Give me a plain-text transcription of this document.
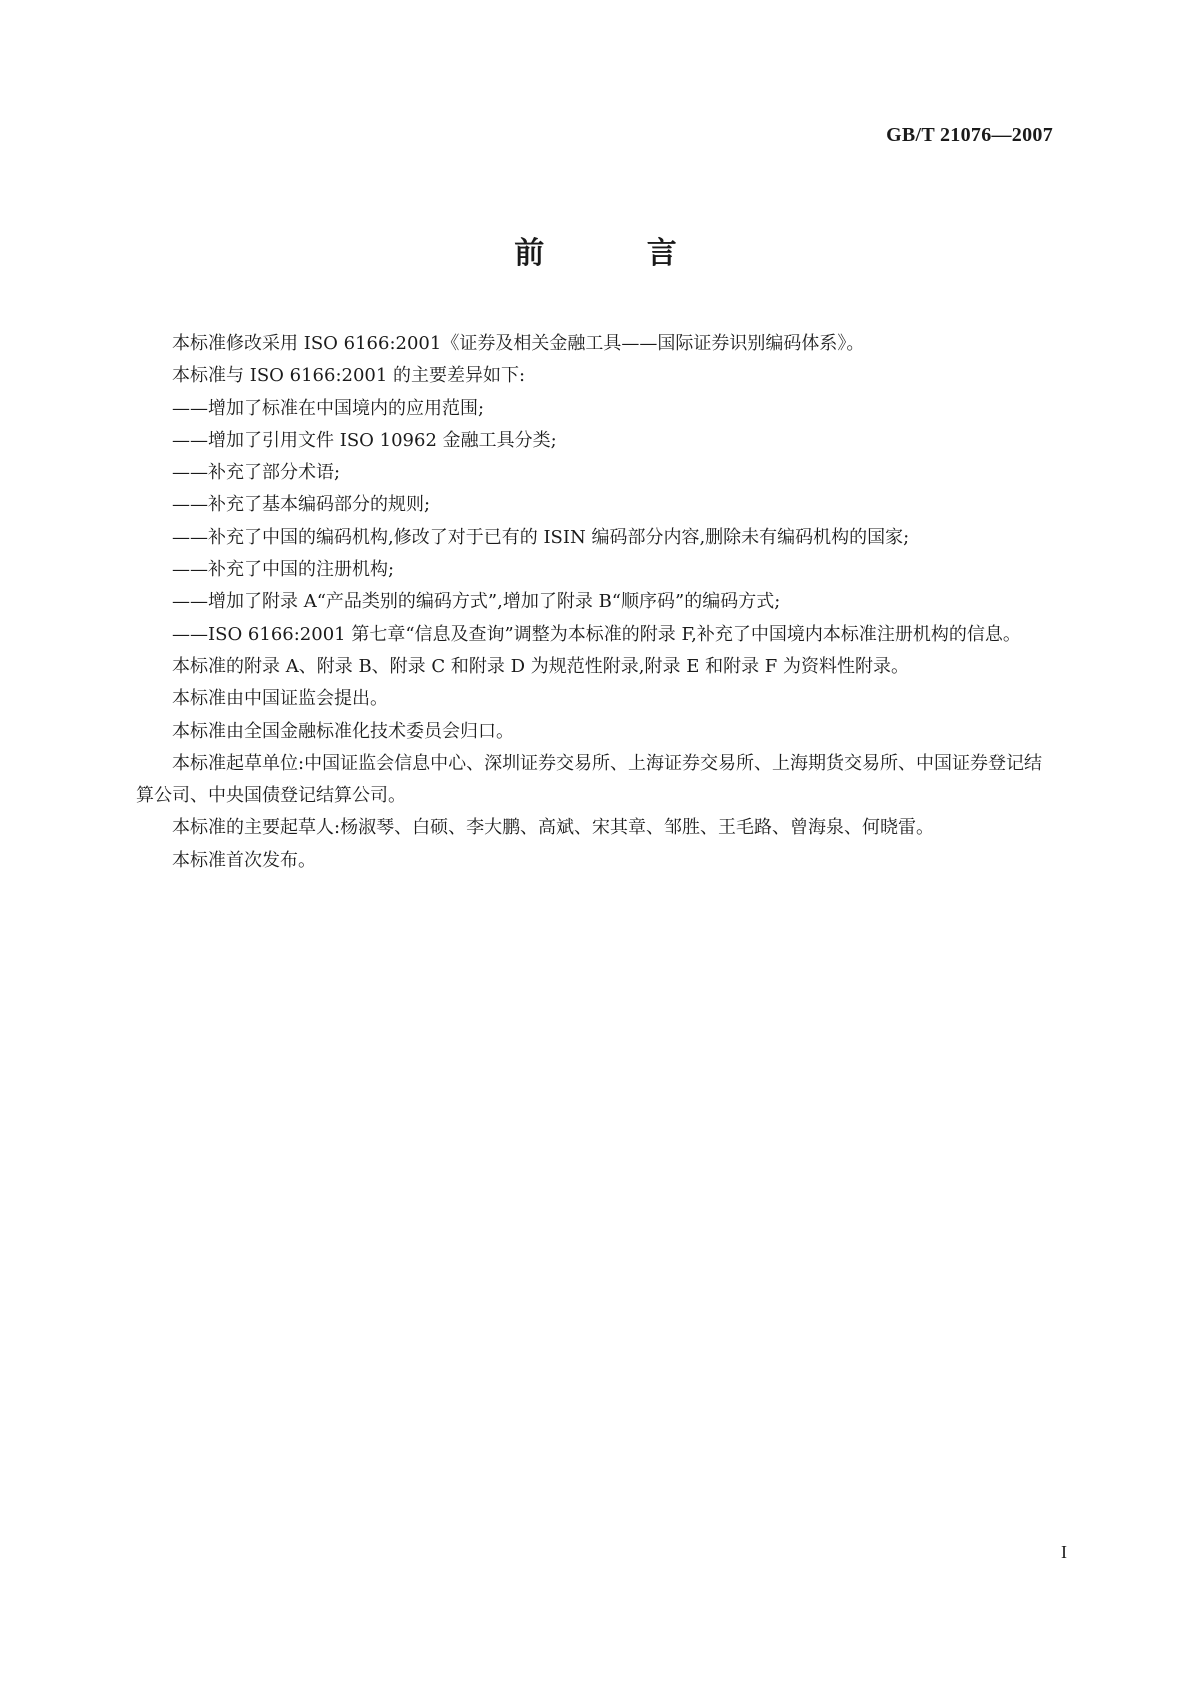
GB/T 21076—2007
前 言

本标准修改采用 ISO 6166:2001《证券及相关金融工具——国际证券识别编码体系》。

本标准与 ISO 6166:2001 的主要差异如下:

——增加了标准在中国境内的应用范围;

——增加了引用文件 ISO 10962 金融工具分类;

——补充了部分术语;

——补充了基本编码部分的规则;

——补充了中国的编码机构,修改了对于已有的 ISIN 编码部分内容,删除未有编码机构的国家;

——补充了中国的注册机构;

——增加了附录 A“产品类别的编码方式”,增加了附录 B“顺序码”的编码方式;

——ISO 6166:2001 第七章“信息及查询”调整为本标准的附录 F,补充了中国境内本标准注册机构的信息。

本标准的附录 A、附录 B、附录 C 和附录 D 为规范性附录,附录 E 和附录 F 为资料性附录。

本标准由中国证监会提出。

本标准由全国金融标准化技术委员会归口。

本标准起草单位:中国证监会信息中心、深圳证券交易所、上海证券交易所、上海期货交易所、中国证券登记结算公司、中央国债登记结算公司。

本标准的主要起草人:杨淑琴、白硕、李大鹏、高斌、宋其章、邹胜、王毛路、曾海泉、何晓雷。

本标准首次发布。

I
